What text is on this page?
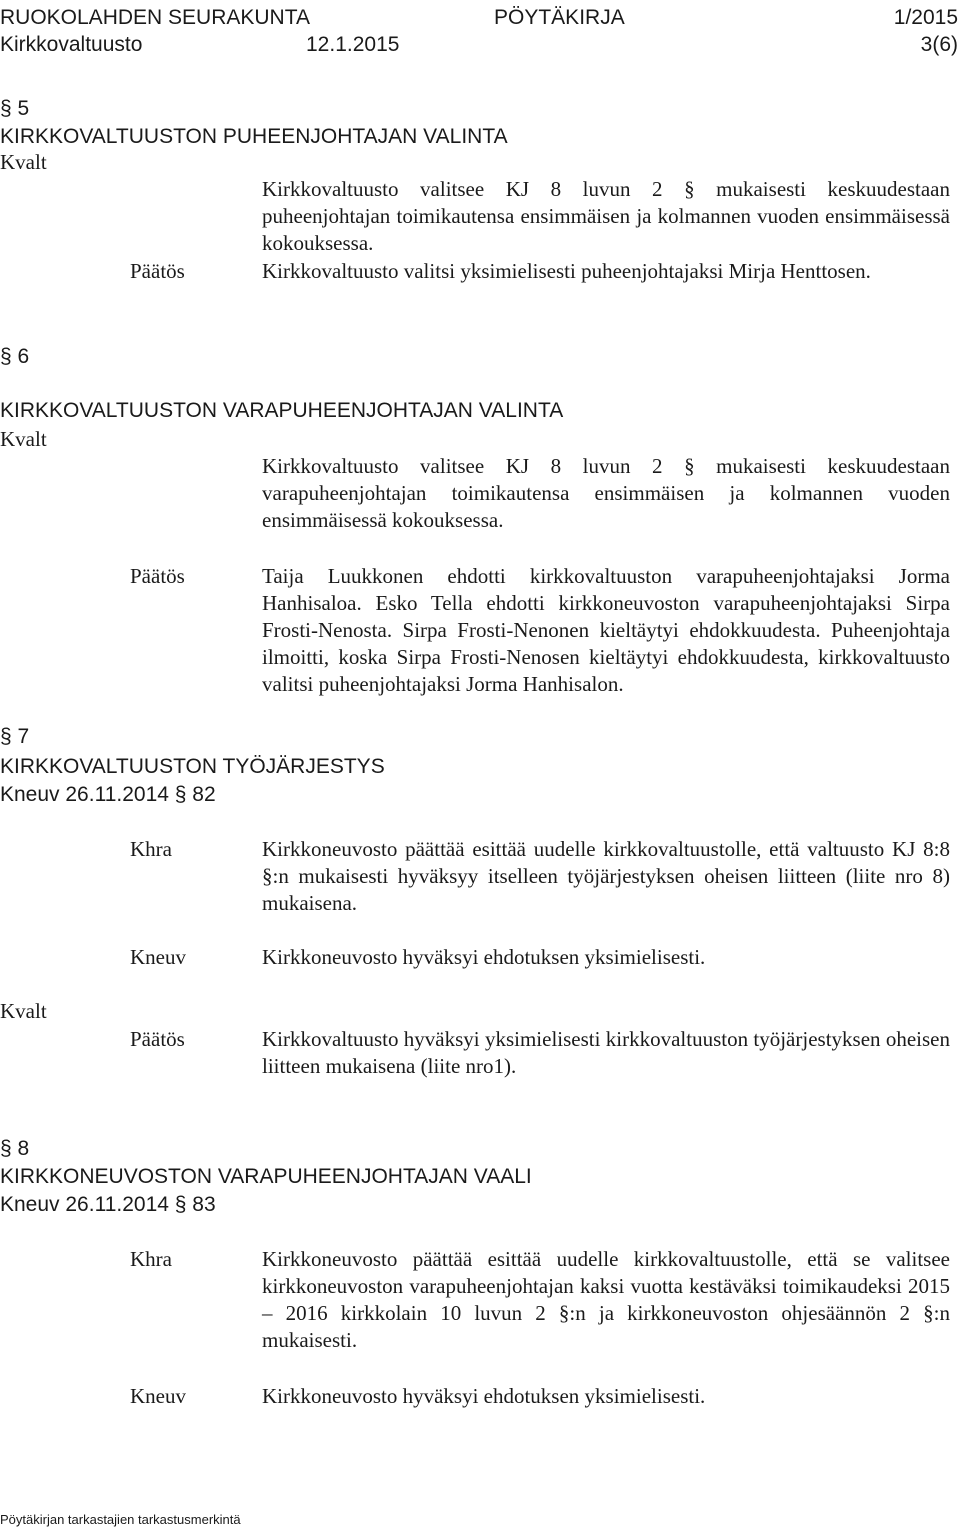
RUOKOLAHDEN SEURAKUNTA	PÖYTÄKIRJA	1/2015
Kirkkovaltuusto	12.1.2015	3(6)
§ 5
KIRKKOVALTUUSTON PUHEENJOHTAJAN VALINTA
Kvalt
Kirkkovaltuusto valitsee KJ 8 luvun 2 § mukaisesti keskuudestaan puheenjohtajan toimikautensa ensimmäisen ja kolmannen vuoden ensimmäisessä kokouksessa.
Päätös	Kirkkovaltuusto valitsi yksimielisesti puheenjohtajaksi Mirja Henttosen.
§ 6
KIRKKOVALTUUSTON VARAPUHEENJOHTAJAN VALINTA
Kvalt
Kirkkovaltuusto valitsee KJ 8 luvun 2 § mukaisesti keskuudestaan varapuheenjohtajan toimikautensa ensimmäisen ja kolmannen vuoden ensimmäisessä kokouksessa.
Päätös	Taija Luukkonen ehdotti kirkkovaltuuston varapuheenjohtajaksi Jorma Hanhisaloa. Esko Tella ehdotti kirkkoneuvoston varapuheenjohtajaksi Sirpa Frosti-Nenosta. Sirpa Frosti-Nenonen kieltäytyi ehdokkuudesta. Puheenjohtaja ilmoitti, koska Sirpa Frosti-Nenosen kieltäytyi ehdokkuudesta, kirkkovaltuusto valitsi puheenjohtajaksi Jorma Hanhisalon.
§ 7
KIRKKOVALTUUSTON TYÖJÄRJESTYS
Kneuv 26.11.2014 § 82
Khra	Kirkkoneuvosto päättää esittää uudelle kirkkovaltuustolle, että valtuusto KJ 8:8 §:n mukaisesti hyväksyy itselleen työjärjestyksen oheisen liitteen (liite nro 8) mukaisena.
Kneuv	Kirkkoneuvosto hyväksyi ehdotuksen yksimielisesti.
Kvalt
Päätös	Kirkkovaltuusto hyväksyi yksimielisesti kirkkovaltuuston työjärjestyksen oheisen liitteen mukaisena (liite nro1).
§ 8
KIRKKONEUVOSTON VARAPUHEENJOHTAJAN VAALI
Kneuv 26.11.2014 § 83
Khra	Kirkkoneuvosto päättää esittää uudelle kirkkovaltuustolle, että se valitsee kirkkoneuvoston varapuheenjohtajan kaksi vuotta kestäväksi toimikaudeksi 2015 – 2016 kirkkolain 10 luvun 2 §:n ja kirkkoneuvoston ohjesäännön 2 §:n mukaisesti.
Kneuv	Kirkkoneuvosto hyväksyi ehdotuksen yksimielisesti.
Pöytäkirjan tarkastajien tarkastusmerkintä
